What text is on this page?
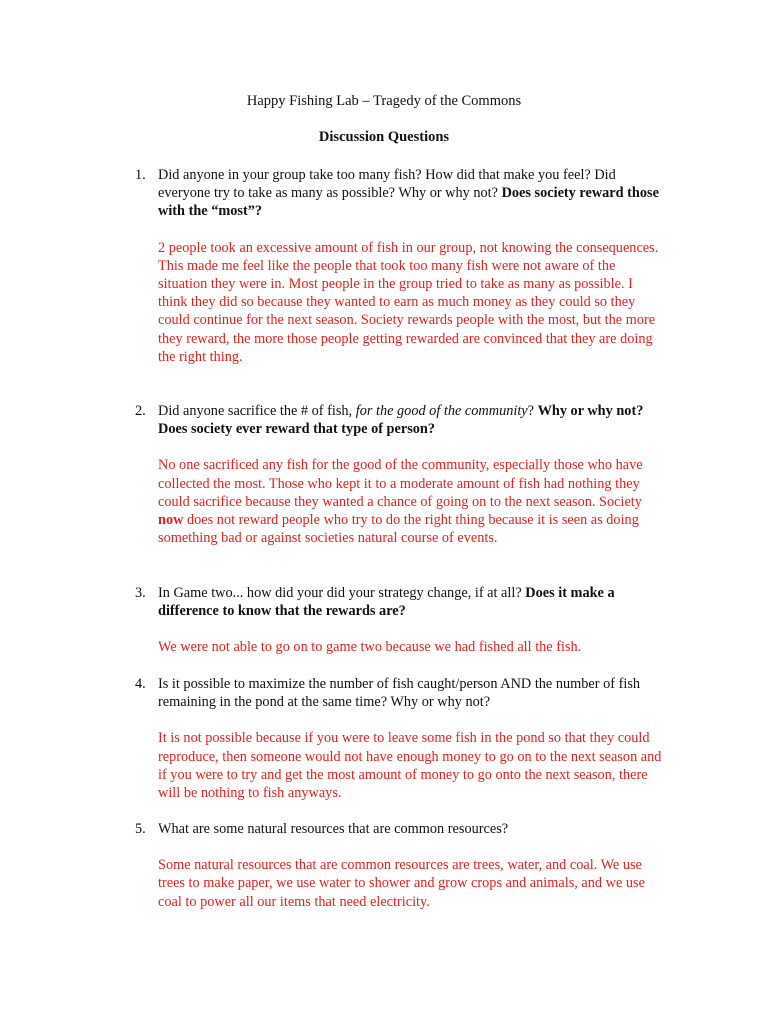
Happy Fishing Lab – Tragedy of the Commons
Discussion Questions
1. Did anyone in your group take too many fish? How did that make you feel? Did everyone try to take as many as possible? Why or why not? Does society reward those with the “most”?
2 people took an excessive amount of fish in our group, not knowing the consequences. This made me feel like the people that took too many fish were not aware of the situation they were in. Most people in the group tried to take as many as possible. I think they did so because they wanted to earn as much money as they could so they could continue for the next season. Society rewards people with the most, but the more they reward, the more those people getting rewarded are convinced that they are doing the right thing.
2. Did anyone sacrifice the # of fish, for the good of the community? Why or why not? Does society ever reward that type of person?
No one sacrificed any fish for the good of the community, especially those who have collected the most. Those who kept it to a moderate amount of fish had nothing they could sacrifice because they wanted a chance of going on to the next season. Society now does not reward people who try to do the right thing because it is seen as doing something bad or against societies natural course of events.
3. In Game two... how did your did your strategy change, if at all? Does it make a difference to know that the rewards are?
We were not able to go on to game two because we had fished all the fish.
4. Is it possible to maximize the number of fish caught/person AND the number of fish remaining in the pond at the same time? Why or why not?
It is not possible because if you were to leave some fish in the pond so that they could reproduce, then someone would not have enough money to go on to the next season and if you were to try and get the most amount of money to go onto the next season, there will be nothing to fish anyways.
5. What are some natural resources that are common resources?
Some natural resources that are common resources are trees, water, and coal. We use trees to make paper, we use water to shower and grow crops and animals, and we use coal to power all our items that need electricity.
